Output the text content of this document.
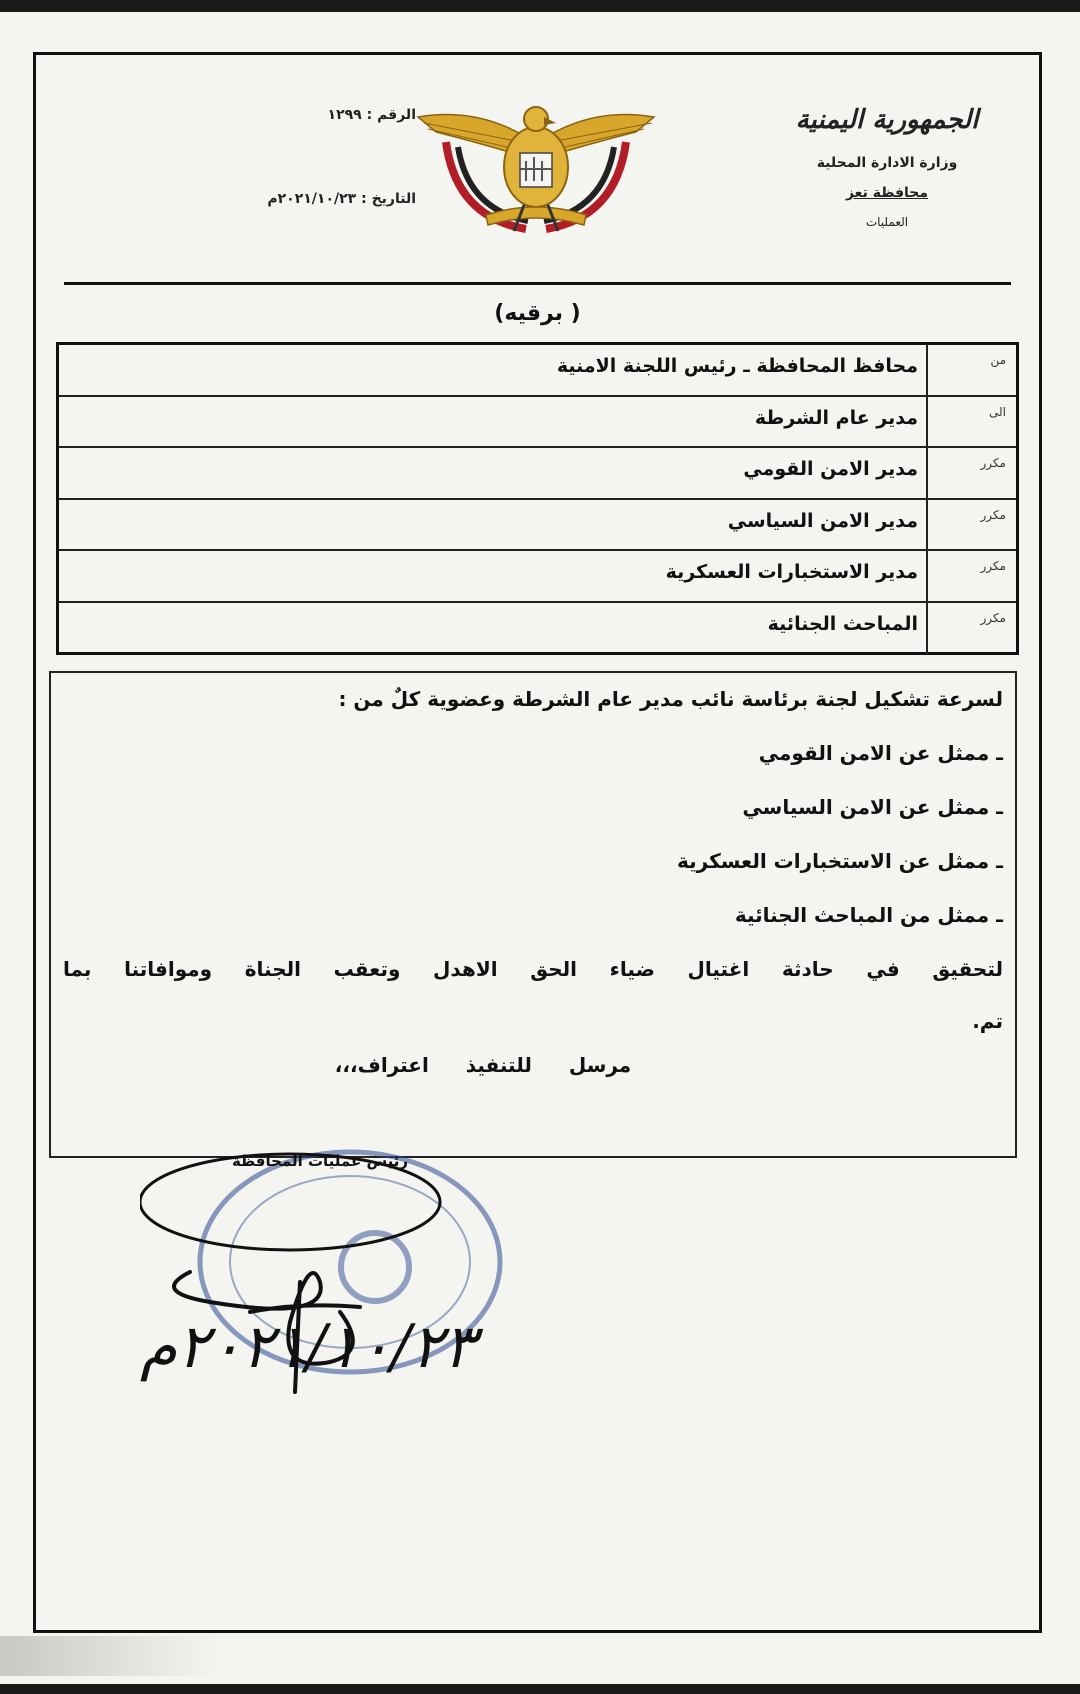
الجمهورية اليمنية
وزارة الادارة المحلية
محافظة تعز
العمليات
الرقم : ١٢٩٩
التاريخ : ٢٠٢١/١٠/٢٣م
( برقيه)
من
محافظ المحافظة ـ رئيس اللجنة الامنية
الى
مدير عام الشرطة
مكرر
مدير الامن القومي
مكرر
مدير الامن السياسي
مكرر
مدير الاستخبارات العسكرية
مكرر
المباحث الجنائية

لسرعة تشكيل لجنة برئاسة نائب مدير عام الشرطة وعضوية كلٌ من :

ـ ممثل عن الامن القومي

ـ ممثل عن الامن السياسي

ـ ممثل عن الاستخبارات العسكرية

ـ ممثل من المباحث الجنائية

لتحقيق في حادثة اغتيال ضياء الحق الاهدل وتعقب الجناة وموافاتنا بما

تم.

مرسل للتنفيذ اعتراف،،،

رئيس عمليات المحافظة
٢٠٢١/١٠/٢٣م
